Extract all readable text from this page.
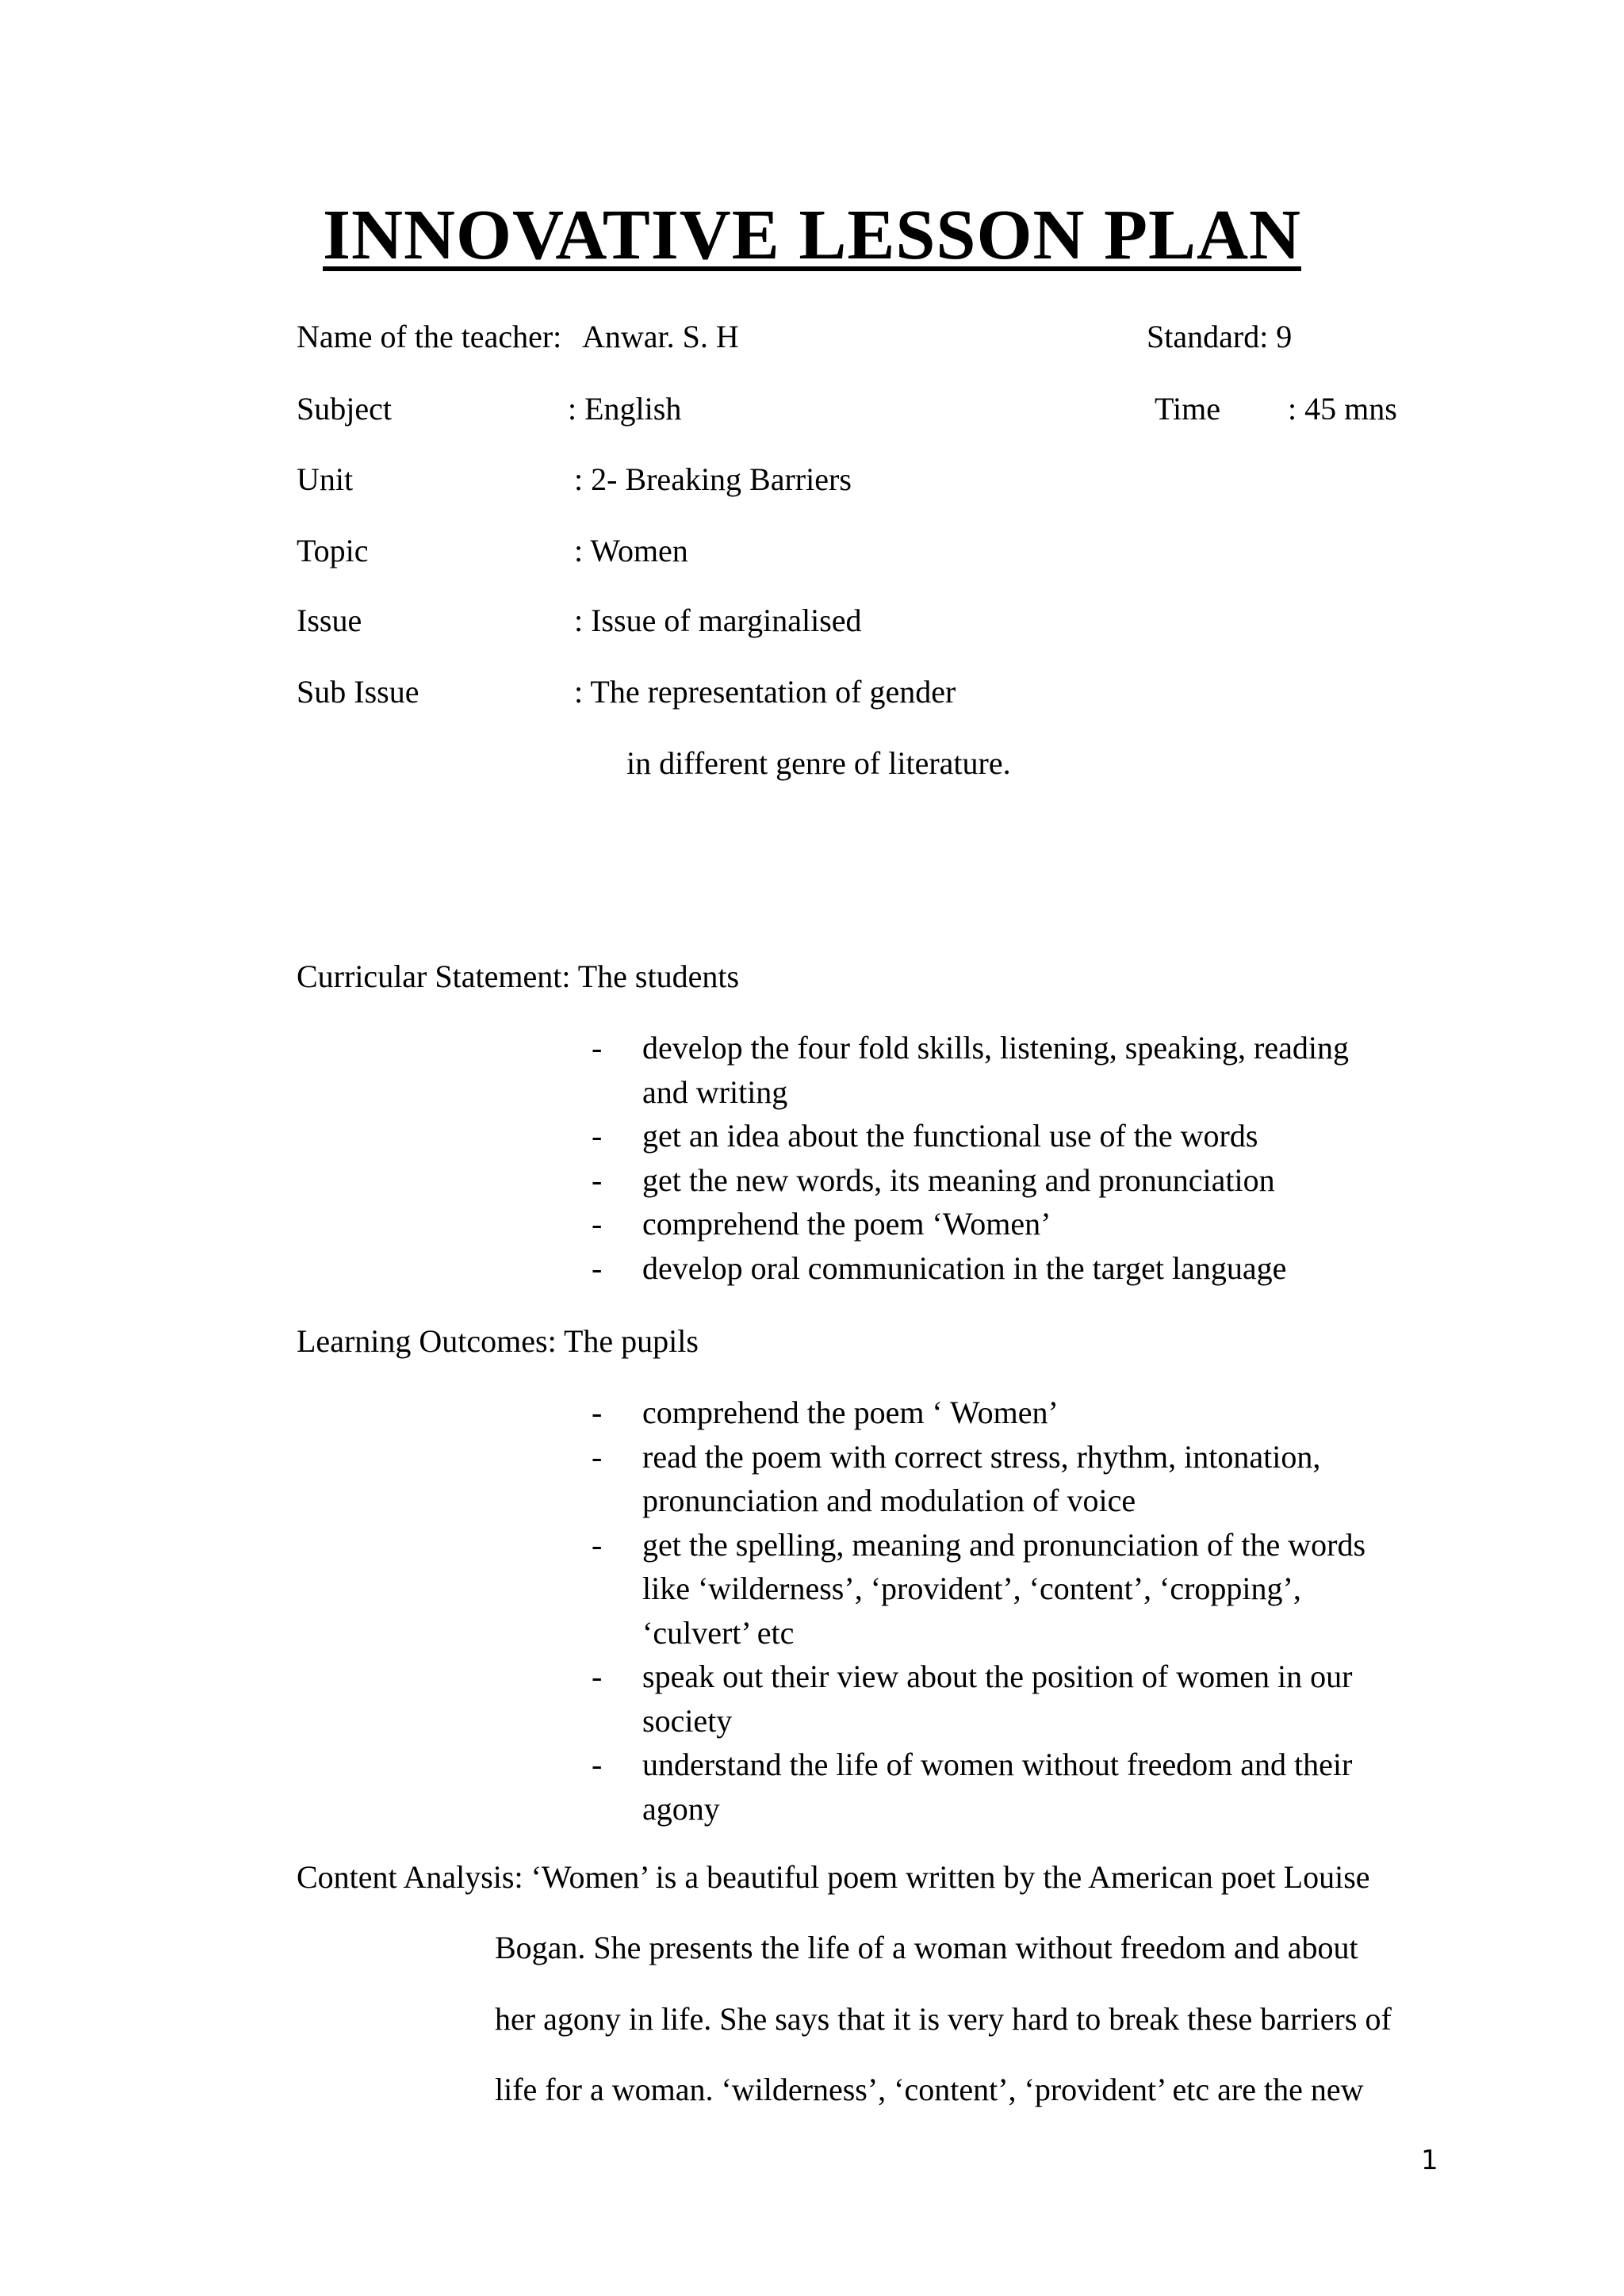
INNOVATIVE LESSON PLAN
Name of the teacher: Anwar. S. H	Standard: 9
Subject	: English	Time : 45 mns
Unit	: 2- Breaking Barriers
Topic	: Women
Issue	: Issue of marginalised
Sub Issue	: The representation of gender
in different genre of literature.
Curricular Statement: The students
- develop the four fold skills, listening, speaking, reading
and writing
- get an idea about the functional use of the words
- get the new words, its meaning and pronunciation
- comprehend the poem ‘Women’
- develop oral communication in the target language
Learning Outcomes: The pupils
- comprehend the poem ‘ Women’
- read the poem with correct stress, rhythm, intonation,
pronunciation and modulation of voice
- get the spelling, meaning and pronunciation of the words
like ‘wilderness’, ‘provident’, ‘content’, ‘cropping’,
‘culvert’ etc
- speak out their view about the position of women in our
society
- understand the life of women without freedom and their
agony
Content Analysis: ‘Women’ is a beautiful poem written by the American poet Louise
Bogan. She presents the life of a woman without freedom and about
her agony in life. She says that it is very hard to break these barriers of
life for a woman. ‘wilderness’, ‘content’, ‘provident’ etc are the new
1
